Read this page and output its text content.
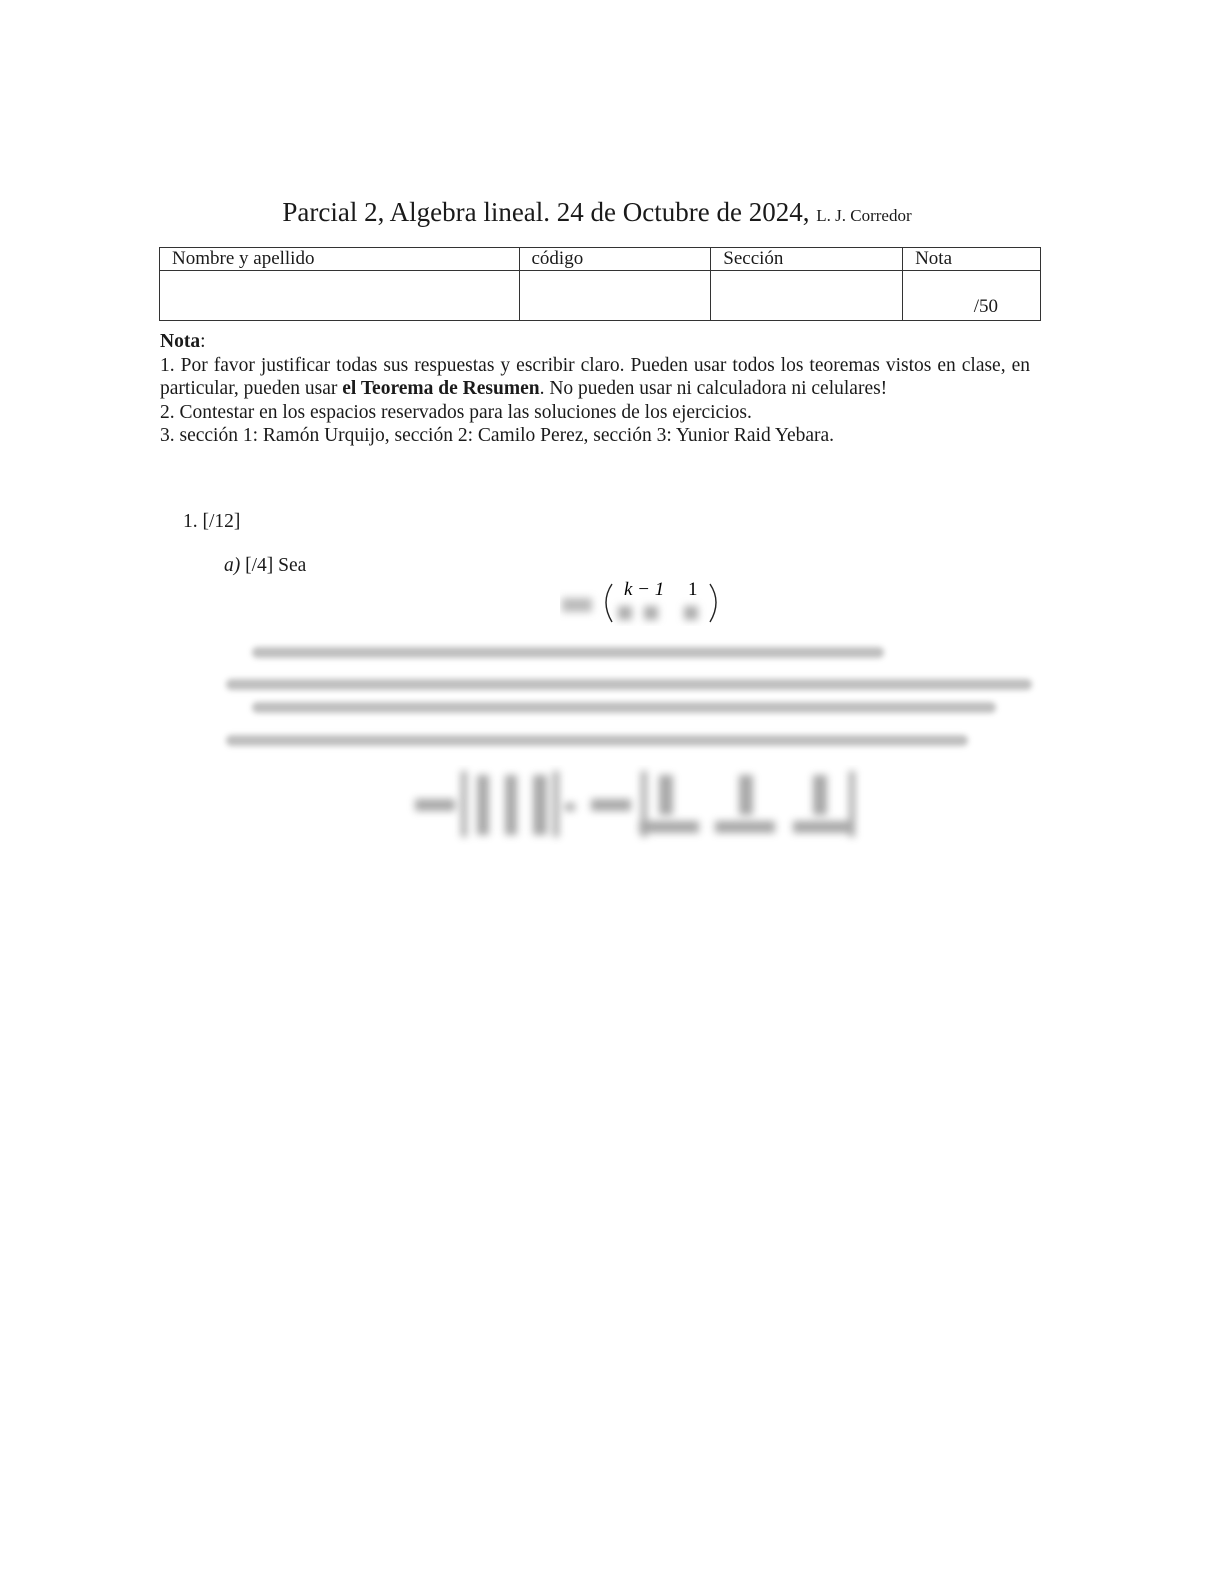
Parcial 2, Algebra lineal. 24 de Octubre de 2024, L. J. Corredor
Nombre y apellido	código	Sección	Nota
			/50

Nota:

1. Por favor justificar todas sus respuestas y escribir claro. Pueden usar todos los teoremas vistos en clase, en particular, pueden usar el Teorema de Resumen. No pueden usar ni calculadora ni celulares!

2. Contestar en los espacios reservados para las soluciones de los ejercicios.

3. sección 1: Ramón Urquijo, sección 2: Camilo Perez, sección 3: Yunior Raid Yebara.

1. [/12]
a) [/4] Sea
k − 1 1
